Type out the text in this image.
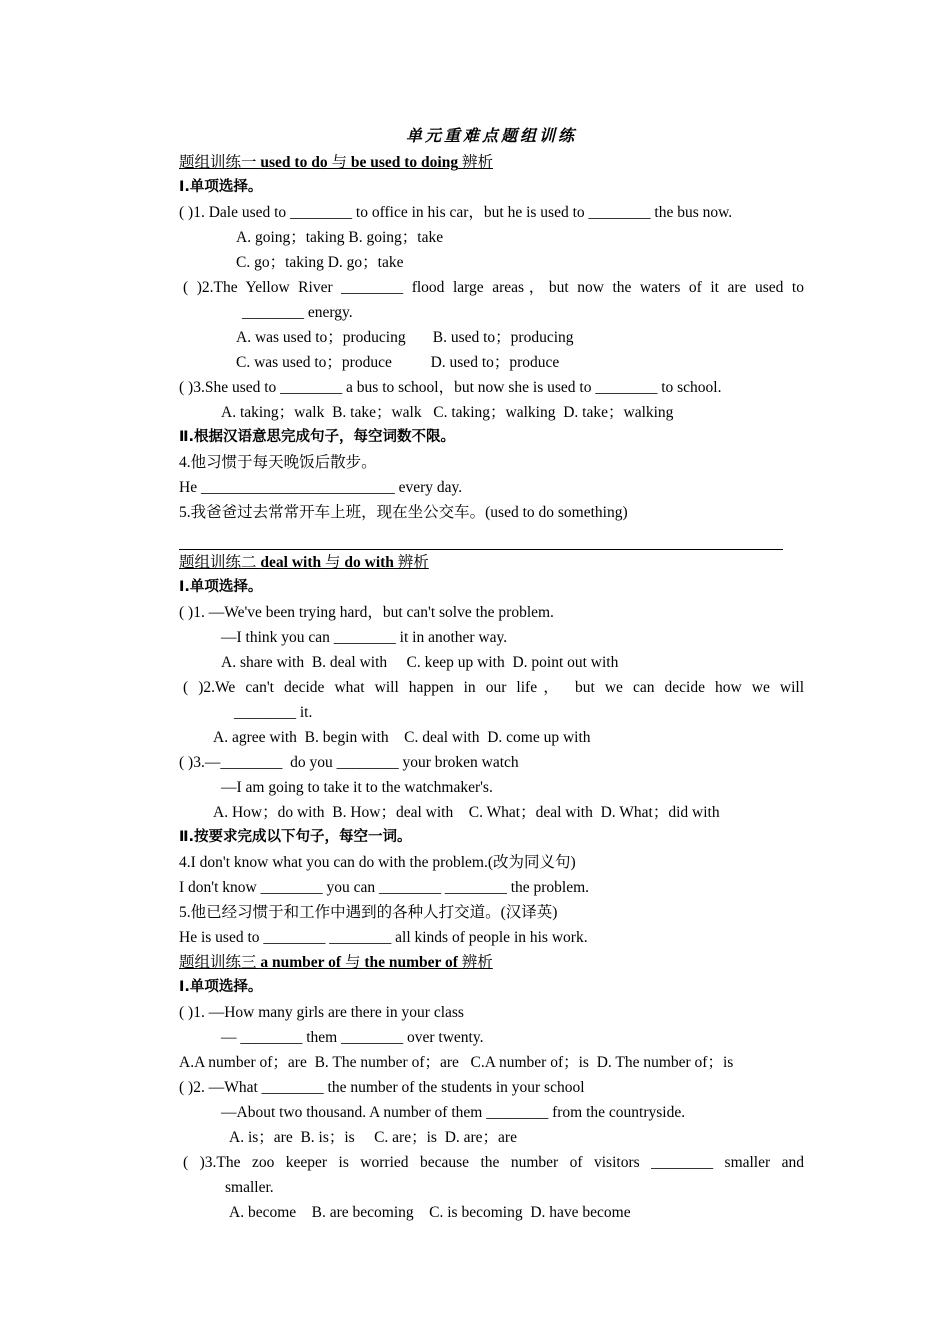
单元重难点题组训练
题组训练一 used to do 与 be used to doing 辨析
Ⅰ.单项选择。
( )1. Dale used to ________ to office in his car，but he is used to ________ the bus now.
A. going；taking B. going；take
C. go；taking D. go；take
( )2.The Yellow River ________ flood large areas，but now the waters of it are used to
________ energy.
A. was used to；producing       B. used to；producing
C. was used to；produce          D. used to；produce
( )3.She used to ________ a bus to school，but now she is used to ________ to school.
A. taking；walk  B. take；walk   C. taking；walking  D. take；walking
Ⅱ.根据汉语意思完成句子，每空词数不限。
4.他习惯于每天晚饭后散步。
He _________________________ every day.
5.我爸爸过去常常开车上班，现在坐公交车。(used to do something)
题组训练二 deal with 与 do with 辨析
Ⅰ.单项选择。
( )1. —We've been trying hard，but can't solve the problem.
—I think you can ________ it in another way.
A. share with  B. deal with     C. keep up with  D. point out with
( )2.We can't decide what will happen in our life， but we can decide how we will
________ it.
A. agree with  B. begin with    C. deal with  D. come up with
( )3.—________  do you ________ your broken watch
—I am going to take it to the watchmaker's.
A. How；do with  B. How；deal with    C. What；deal with  D. What；did with
Ⅱ.按要求完成以下句子，每空一词。
4.I don't know what you can do with the problem.(改为同义句)
I don't know ________ you can ________ ________ the problem.
5.他已经习惯于和工作中遇到的各种人打交道。(汉译英)
He is used to ________ ________ all kinds of people in his work.
题组训练三 a number of 与 the number of 辨析
Ⅰ.单项选择。
( )1. —How many girls are there in your class
— ________ them ________ over twenty.
A.A number of；are  B. The number of；are   C.A number of；is  D. The number of；is
( )2. —What ________ the number of the students in your school
—About two thousand. A number of them ________ from the countryside.
A. is；are  B. is；is     C. are；is  D. are；are
( )3.The zoo keeper is worried because the number of visitors ________ smaller and
smaller.
A. become    B. are becoming    C. is becoming  D. have become
